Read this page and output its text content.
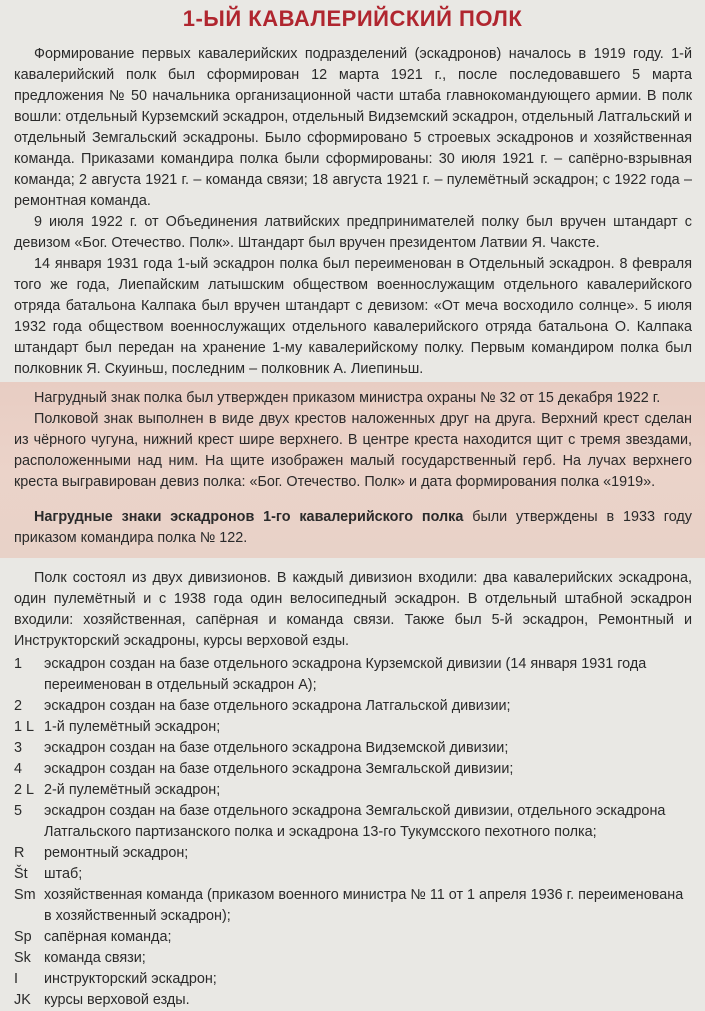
1-ЫЙ КАВАЛЕРИЙСКИЙ ПОЛК

Формирование первых кавалерийских подразделений (эскадронов) началось в 1919 году. 1-й кавалерийский полк был сформирован 12 марта 1921 г., после последовавшего 5 марта предложения № 50 начальника организационной части штаба главнокомандующего армии. В полк вошли: отдельный Курземский эскадрон, отдельный Видземский эскадрон, отдельный Латгальский и отдельный Земгальский эскадроны. Было сформировано 5 строевых эскадронов и хозяйственная команда. Приказами командира полка были сформированы: 30 июля 1921 г. – сапёрно-взрывная команда; 2 августа 1921 г. – команда связи; 18 августа 1921 г. – пулемётный эскадрон; с 1922 года – ремонтная команда.

9 июля 1922 г. от Объединения латвийских предпринимателей полку был вручен штандарт с девизом «Бог. Отечество. Полк». Штандарт был вручен президентом Латвии Я. Чаксте.

14 января 1931 года 1-ый эскадрон полка был переименован в Отдельный эскадрон. 8 февраля того же года, Лиепайским латышским обществом военнослужащим отдельного кавалерийского отряда батальона Калпака был вручен штандарт с девизом: «От меча восходило солнце». 5 июля 1932 года обществом военнослужащих отдельного кавалерийского отряда батальона О. Калпака штандарт был передан на хранение 1-му кавалерийскому полку. Первым командиром полка был полковник Я. Скуиньш, последним – полковник А. Лиепиньш.

Нагрудный знак полка был утвержден приказом министра охраны № 32 от 15 декабря 1922 г.

Полковой знак выполнен в виде двух крестов наложенных друг на друга. Верхний крест сделан из чёрного чугуна, нижний крест шире верхнего. В центре креста находится щит с тремя звездами, расположенными над ним. На щите изображен малый государственный герб. На лучах верхнего креста выгравирован девиз полка: «Бог. Отечество. Полк» и дата формирования полка «1919».

Нагрудные знаки эскадронов 1-го кавалерийского полка были утверждены в 1933 году приказом командира полка № 122.

Полк состоял из двух дивизионов. В каждый дивизион входили: два кавалерийских эскадрона, один пулемётный и с 1938 года один велосипедный эскадрон. В отдельный штабной эскадрон входили: хозяйственная, сапёрная и команда связи. Также был 5-й эскадрон, Ремонтный и Инструкторский эскадроны, курсы верховой езды.

1	эскадрон создан на базе отдельного эскадрона Курземской дивизии (14 января 1931 года переименован в отдельный эскадрон А);
2	эскадрон создан на базе отдельного эскадрона Латгальской дивизии;
1 L 1-й пулемётный эскадрон;
3	эскадрон создан на базе отдельного эскадрона Видземской дивизии;
4	эскадрон создан на базе отдельного эскадрона Земгальской дивизии;
2 L 2-й пулемётный эскадрон;
5	эскадрон создан на базе отдельного эскадрона Земгальской дивизии, отдельного эскадрона Латгальского партизанского полка и эскадрона 13-го Тукумсского пехотного полка;
R	ремонтный эскадрон;
Št	штаб;
Sm хозяйственная команда (приказом военного министра № 11 от 1 апреля 1936 г. переименована в хозяйственный эскадрон);
Sp сапёрная команда;
Sk команда связи;
I	инструкторский эскадрон;
JK курсы верховой езды.
